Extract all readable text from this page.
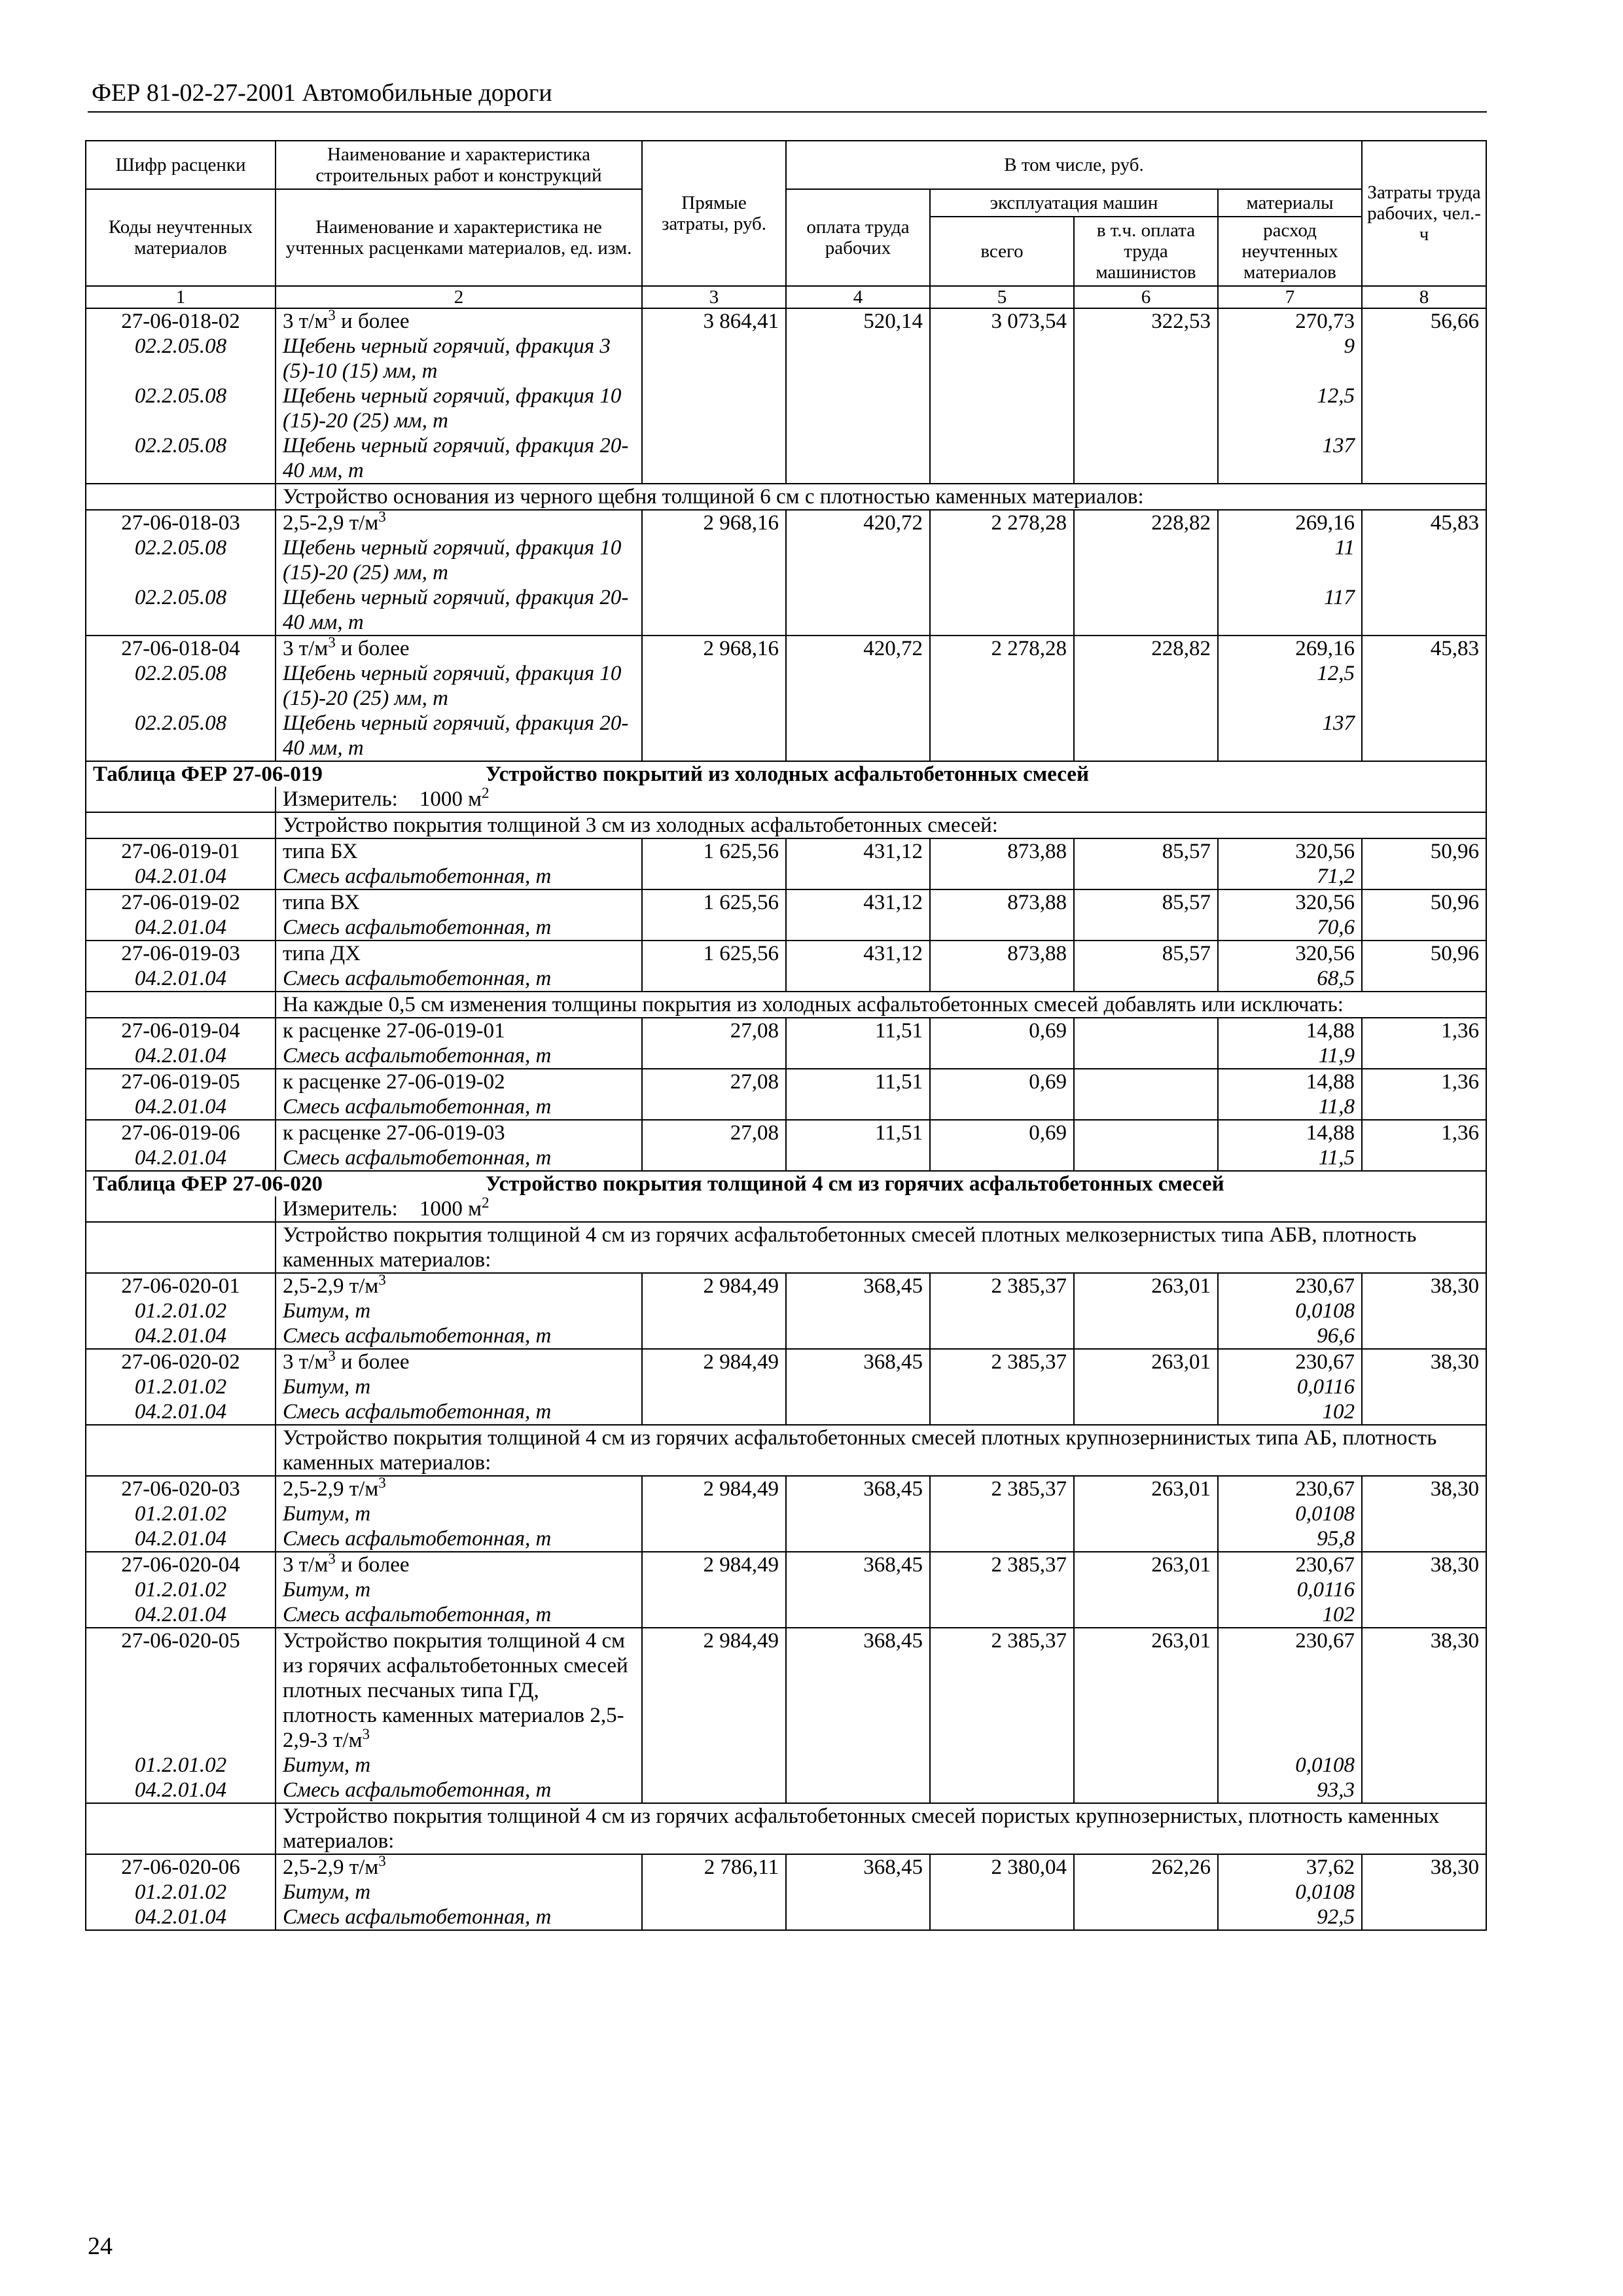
ФЕР 81-02-27-2001 Автомобильные дороги
Шифр расценки	Наименование и характеристика строительных работ и конструкций	Прямые затраты, руб.	В том числе, руб.				Затраты труда рабочих, чел.-ч
Коды неучтенных материалов	Наименование и характеристика не учтенных расценками материалов, ед. изм.		оплата труда рабочих	эксплуатация машин		материалы	
				всего	в т.ч. оплата труда машинистов	расход неучтенных материалов	
1	2	3	4	5	6	7	8
27-06-018-02	3 $т/м^3$ и более	3 864,41	520,14	3 073,54	322,53	270,73	56,66
02.2.05.08	Щебень черный горячий, фракция 3 (5)-10 (15) мм, т					9	
02.2.05.08	Щебень черный горячий, фракция 10 (15)-20 (25) мм, т					12,5	
02.2.05.08	Щебень черный горячий, фракция 20-40 мм, т					137	
	Устройство основания из черного щебня толщиной 6 см с плотностью каменных материалов:						
27-06-018-03	2,5-2,9 $т/м^3$	2 968,16	420,72	2 278,28	228,82	269,16	45,83
02.2.05.08	Щебень черный горячий, фракция 10 (15)-20 (25) мм, т					11	
02.2.05.08	Щебень черный горячий, фракция 20-40 мм, т					117	
27-06-018-04	3 $т/м^3$ и более	2 968,16	420,72	2 278,28	228,82	269,16	45,83
02.2.05.08	Щебень черный горячий, фракция 10 (15)-20 (25) мм, т					12,5	
02.2.05.08	Щебень черный горячий, фракция 20-40 мм, т					137	
Таблица ФЕР 27-06-019 Устройство покрытий из холодных асфальтобетонных смесей							
	Измеритель:    1000 $м^2$
	Устройство покрытия толщиной 3 см из холодных асфальтобетонных смесей:						
27-06-019-01	типа БХ	1 625,56	431,12	873,88	85,57	320,56	50,96
04.2.01.04	Смесь асфальтобетонная, т					71,2	
27-06-019-02	типа ВХ	1 625,56	431,12	873,88	85,57	320,56	50,96
04.2.01.04	Смесь асфальтобетонная, т					70,6	
27-06-019-03	типа ДХ	1 625,56	431,12	873,88	85,57	320,56	50,96
04.2.01.04	Смесь асфальтобетонная, т					68,5	
	На каждые 0,5 см изменения толщины покрытия из холодных асфальтобетонных смесей добавлять или исключать:						
27-06-019-04	к расценке 27-06-019-01	27,08	11,51	0,69		14,88	1,36
04.2.01.04	Смесь асфальтобетонная, т					11,9	
27-06-019-05	к расценке 27-06-019-02	27,08	11,51	0,69		14,88	1,36
04.2.01.04	Смесь асфальтобетонная, т					11,8	
27-06-019-06	к расценке 27-06-019-03	27,08	11,51	0,69		14,88	1,36
04.2.01.04	Смесь асфальтобетонная, т					11,5	
Таблица ФЕР 27-06-020 Устройство покрытия толщиной 4 см из горячих асфальтобетонных смесей							
	Измеритель:    1000 $м^2$
	Устройство покрытия толщиной 4 см из горячих асфальтобетонных смесей плотных мелкозернистых типа АБВ, плотность каменных материалов:						
27-06-020-01	2,5-2,9 $т/м^3$	2 984,49	368,45	2 385,37	263,01	230,67	38,30
01.2.01.02	Битум, т					0,0108	
04.2.01.04	Смесь асфальтобетонная, т					96,6	
27-06-020-02	3 $т/м^3$ и более	2 984,49	368,45	2 385,37	263,01	230,67	38,30
01.2.01.02	Битум, т					0,0116	
04.2.01.04	Смесь асфальтобетонная, т					102	
	Устройство покрытия толщиной 4 см из горячих асфальтобетонных смесей плотных крупнозернинистых типа АБ, плотность каменных материалов:						
27-06-020-03	2,5-2,9 $т/м^3$	2 984,49	368,45	2 385,37	263,01	230,67	38,30
01.2.01.02	Битум, т					0,0108	
04.2.01.04	Смесь асфальтобетонная, т					95,8	
27-06-020-04	3 $т/м^3$ и более	2 984,49	368,45	2 385,37	263,01	230,67	38,30
01.2.01.02	Битум, т					0,0116	
04.2.01.04	Смесь асфальтобетонная, т					102	
27-06-020-05	Устройство покрытия толщиной 4 см из горячих асфальтобетонных смесей плотных песчаных типа ГД, плотность каменных материалов 2,5-2,9-3 $т/м^3$	2 984,49	368,45	2 385,37	263,01	230,67	38,30
01.2.01.02	Битум, т					0,0108	
04.2.01.04	Смесь асфальтобетонная, т					93,3	
	Устройство покрытия толщиной 4 см из горячих асфальтобетонных смесей пористых крупнозернистых, плотность каменных материалов:						
27-06-020-06	2,5-2,9 $т/м^3$	2 786,11	368,45	2 380,04	262,26	37,62	38,30
01.2.01.02	Битум, т					0,0108	
04.2.01.04	Смесь асфальтобетонная, т					92,5	
24
